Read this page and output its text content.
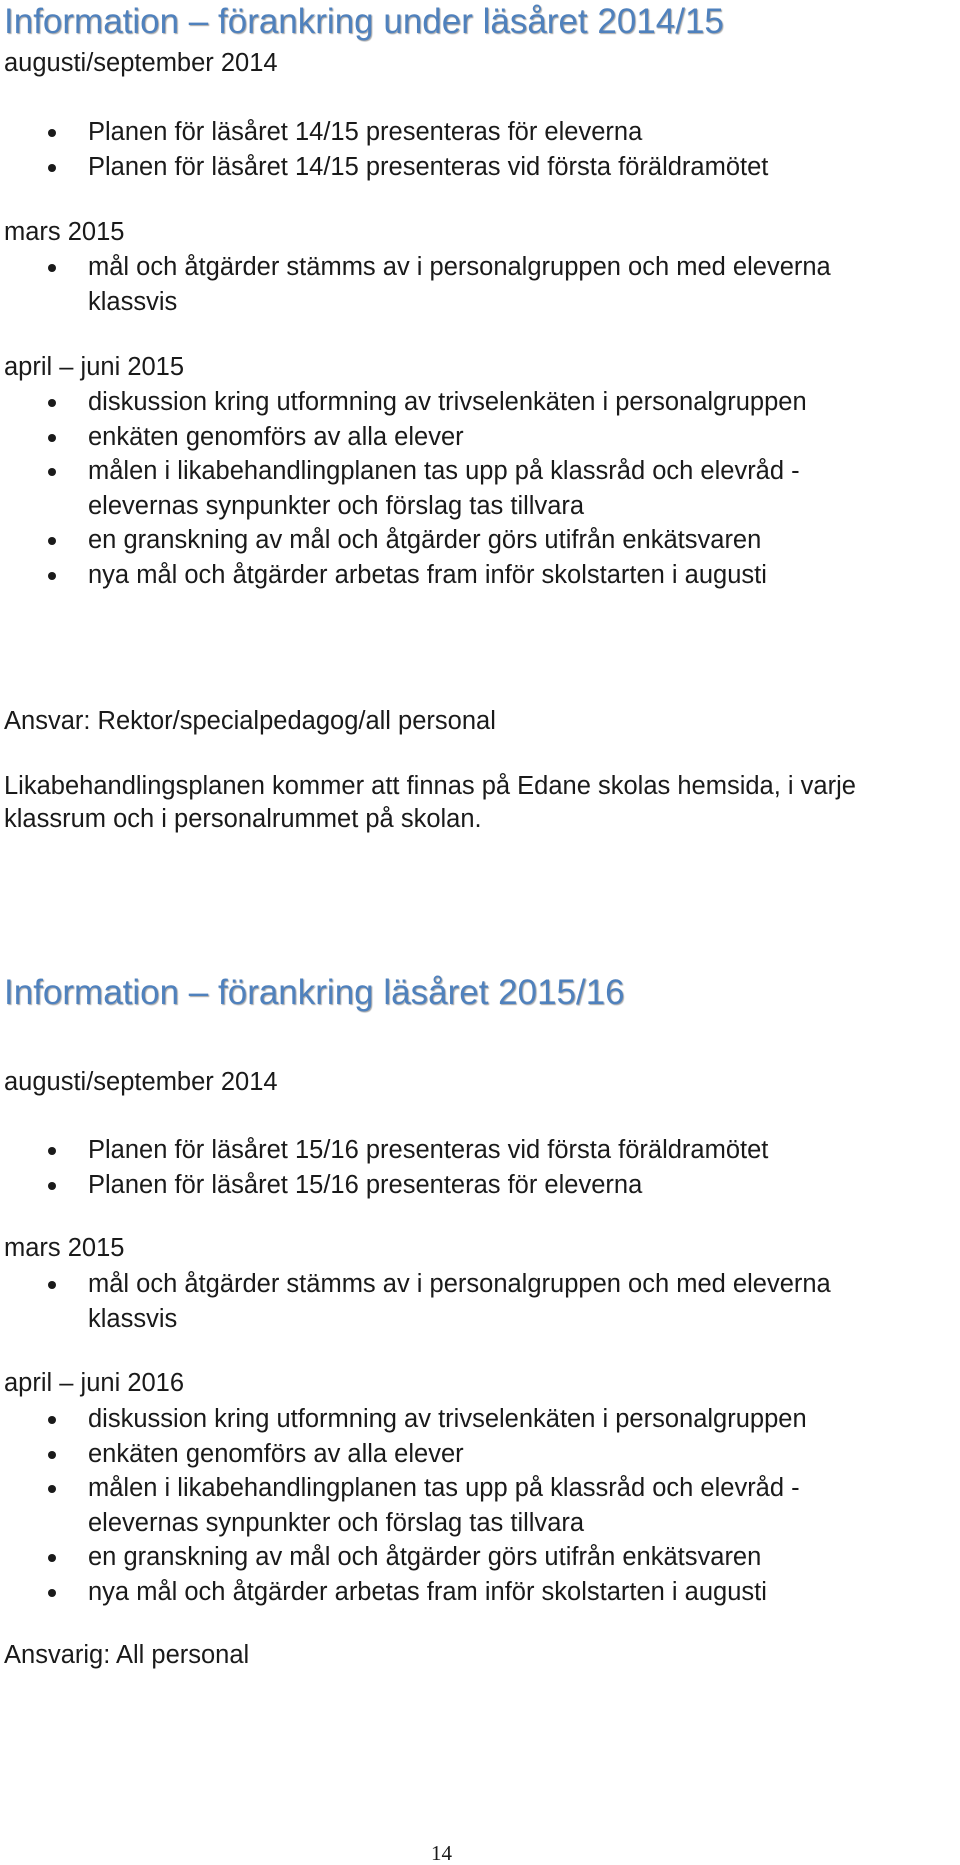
Information – förankring under läsåret 2014/15
augusti/september 2014
Planen för läsåret 14/15 presenteras för eleverna
Planen för läsåret 14/15 presenteras vid första föräldramötet
mars 2015
mål och åtgärder stämms av i personalgruppen och med eleverna
klassvis
april – juni 2015
diskussion kring utformning av trivselenkäten i personalgruppen
enkäten genomförs av alla elever
målen i likabehandlingplanen tas upp på klassråd och elevråd -
elevernas synpunkter och förslag tas tillvara
en granskning av mål och åtgärder görs utifrån enkätsvaren
nya mål och åtgärder arbetas fram inför skolstarten i augusti
Ansvar: Rektor/specialpedagog/all personal
Likabehandlingsplanen kommer att finnas på Edane skolas hemsida, i varje
klassrum och i personalrummet på skolan.
Information – förankring läsåret 2015/16
augusti/september 2014
Planen för läsåret 15/16 presenteras vid första föräldramötet
Planen för läsåret 15/16 presenteras för eleverna
mars 2015
mål och åtgärder stämms av i personalgruppen och med eleverna
klassvis
april – juni 2016
diskussion kring utformning av trivselenkäten i personalgruppen
enkäten genomförs av alla elever
målen i likabehandlingplanen tas upp på klassråd och elevråd -
elevernas synpunkter och förslag tas tillvara
en granskning av mål och åtgärder görs utifrån enkätsvaren
nya mål och åtgärder arbetas fram inför skolstarten i augusti
Ansvarig: All personal
14
